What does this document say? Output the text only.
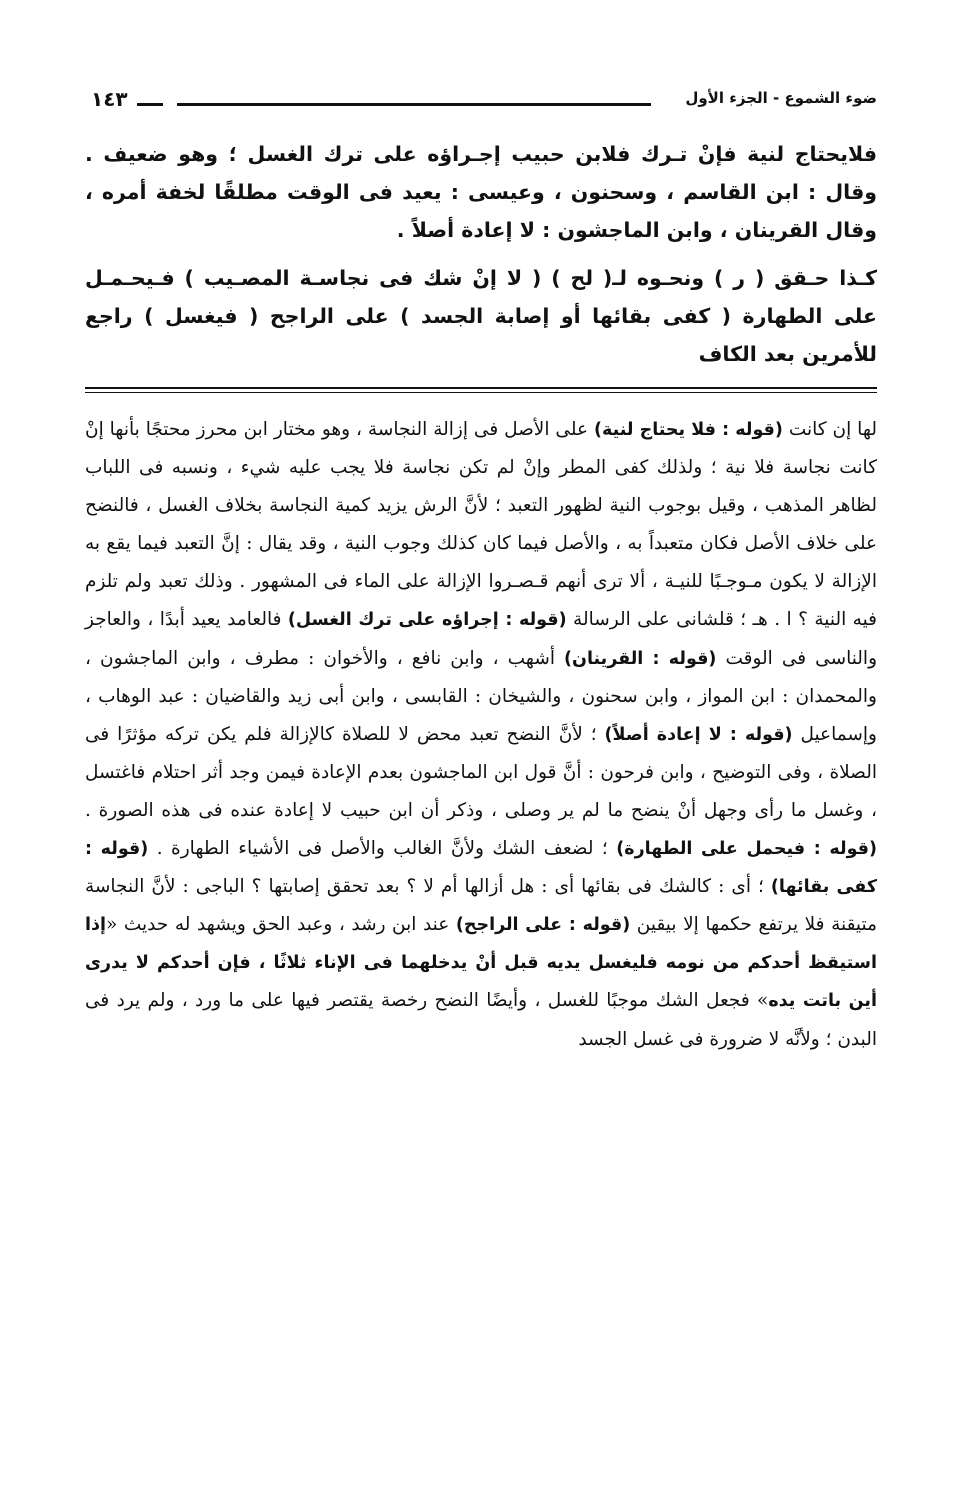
ضوء الشموع - الجزء الأول
١٤٣

فلايحتاج لنية فإنْ تـرك فلابن حبيب إجـراؤه على ترك الغسل ؛ وهو ضعيف . وقال : ابن القاسم ، وسحنون ، وعيسى : يعيد فى الوقت مطلقًا لخفة أمره ، وقال القرينان ، وابن الماجشون : لا إعادة أصلاً .

كـذا حـقق ( ر ) ونحـوه لـ( لح ) ( لا إنْ شك فى نجاسـة المصـيب ) فـيحـمـل على الطهارة ( كفى بقائها أو إصابة الجسد ) على الراجح ( فيغسل ) راجع للأمرين بعد الكاف

لها إن كانت (قوله : فلا يحتاج لنية) على الأصل فى إزالة النجاسة ، وهو مختار ابن محرز محتجًا بأنها إنْ كانت نجاسة فلا نية ؛ ولذلك كفى المطر وإنْ لم تكن نجاسة فلا يجب عليه شيء ، ونسبه فى اللباب لظاهر المذهب ، وقيل بوجوب النية لظهور التعبد ؛ لأنَّ الرش يزيد كمية النجاسة بخلاف الغسل ، فالنضح على خلاف الأصل فكان متعبداً به ، والأصل فيما كان كذلك وجوب النية ، وقد يقال : إنَّ التعبد فيما يقع به الإزالة لا يكون مـوجـبًا للنيـة ، ألا ترى أنهم قـصـروا الإزالة على الماء فى المشهور . وذلك تعبد ولم تلزم فيه النية ؟ ا . هـ ؛ قلشانى على الرسالة (قوله : إجراؤه على ترك الغسل) فالعامد يعيد أبدًا ، والعاجز والناسى فى الوقت (قوله : القرينان) أشهب ، وابن نافع ، والأخوان : مطرف ، وابن الماجشون ، والمحمدان : ابن المواز ، وابن سحنون ، والشيخان : القابسى ، وابن أبى زيد والقاضيان : عبد الوهاب ، وإسماعيل (قوله : لا إعادة أصلاً) ؛ لأنَّ النضح تعبد محض لا للصلاة كالإزالة فلم يكن تركه مؤثرًا فى الصلاة ، وفى التوضيح ، وابن فرحون : أنَّ قول ابن الماجشون بعدم الإعادة فيمن وجد أثر احتلام فاغتسل ، وغسل ما رأى وجهل أنْ ينضح ما لم ير وصلى ، وذكر أن ابن حبيب لا إعادة عنده فى هذه الصورة . (قوله : فيحمل على الطهارة) ؛ لضعف الشك ولأنَّ الغالب والأصل فى الأشياء الطهارة . (قوله : كفى بقائها) ؛ أى : كالشك فى بقائها أى : هل أزالها أم لا ؟ بعد تحقق إصابتها ؟ الباجى : لأنَّ النجاسة متيقنة فلا يرتفع حكمها إلا بيقين (قوله : على الراجح) عند ابن رشد ، وعبد الحق ويشهد له حديث «إذا استيقظ أحدكم من نومه فليغسل يديه قبل أنْ يدخلهما فى الإناء ثلاثًا ، فإن أحدكم لا يدرى أين باتت يده» فجعل الشك موجبًا للغسل ، وأيضًا النضح رخصة يقتصر فيها على ما ورد ، ولم يرد فى البدن ؛ ولأنَّه لا ضرورة فى غسل الجسد
